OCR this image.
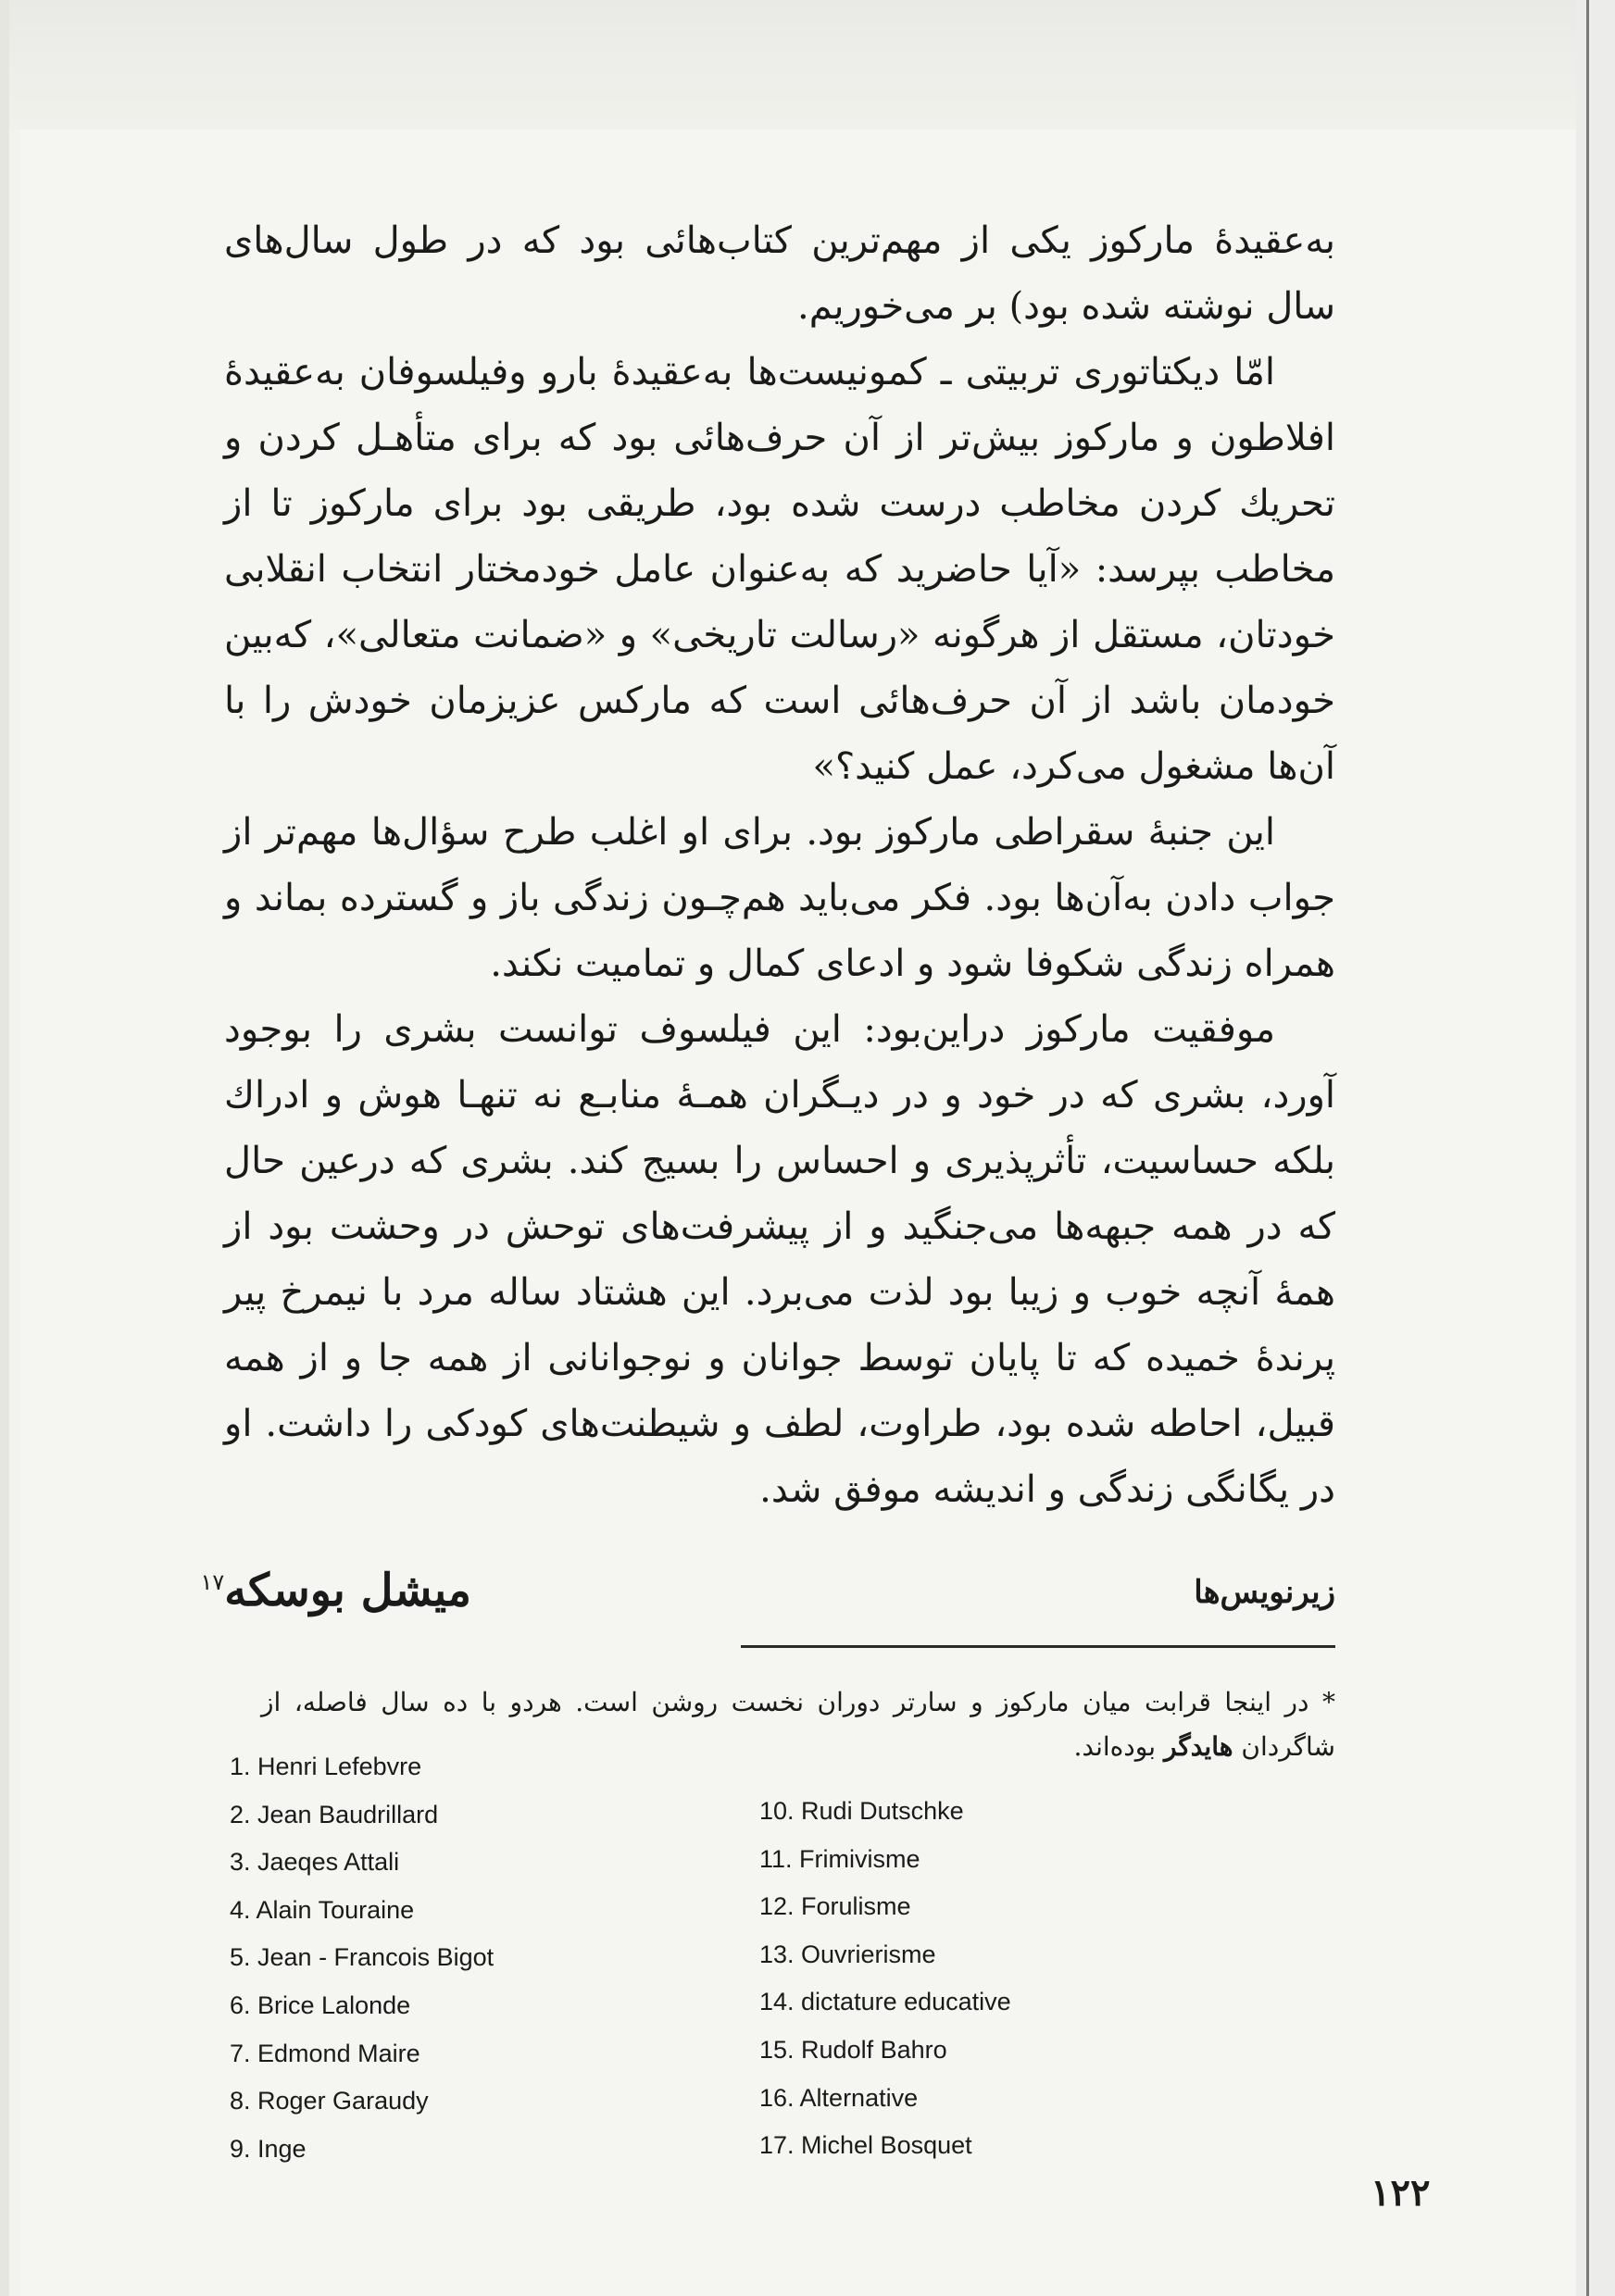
به‌عقیدهٔ مارکوز یکی از مهم‌ترین کتاب‌هائی بود که در طول سال‌های سال نوشته شده بود) بر می‌خوریم.

امّا دیکتاتوری تربیتی ـ کمونیست‌ها به‌عقیدهٔ بارو وفیلسوفان به‌عقیدهٔ افلاطون و مارکوز بیش‌تر از آن حرف‌هائی بود که برای متأهـل کردن و تحریك کردن مخاطب درست شده بود، طریقی بود برای مارکوز تا از مخاطب بپرسد: «آیا حاضرید که به‌عنوان عامل خودمختار انتخاب انقلابی خودتان، مستقل از هرگونه «رسالت تاریخی» و «ضمانت متعالی»، که‌بین خودمان باشد از آن حرف‌هائی است که مارکس عزیزمان خودش را با آن‌ها مشغول می‌کرد، عمل کنید؟»

این جنبهٔ سقراطی مارکوز بود. برای او اغلب طرح سؤال‌ها مهم‌تر از جواب دادن به‌آن‌ها بود. فکر می‌باید هم‌چـون زندگی باز و گسترده بماند و همراه زندگی شکوفا شود و ادعای کمال و تمامیت نکند.

موفقیت مارکوز دراین‌بود: این فیلسوف توانست بشری را بوجود آورد، بشری که در خود و در دیـگران همـهٔ منابـع نه تنهـا هوش و ادراك بلکه حساسیت، تأثرپذیری و احساس را بسیج کند. بشری که درعین حال که در همه جبهه‌ها می‌جنگید و از پیشرفت‌های توحش در وحشت بود از همهٔ آنچه خوب و زیبا بود لذت می‌برد. این هشتاد ساله مرد با نیمرخ پیر پرندهٔ خمیده که تا پایان توسط جوانان و نوجوانانی از همه جا و از همه قبیل، احاطه شده بود، طراوت، لطف و شیطنت‌های کودکی را داشت. او در یگانگی زندگی و اندیشه موفق شد.

میشل بوسکه$^{۱۷}$	زیرنویس‌ها

* در اینجا قرابت میان مارکوز و سارتر دوران نخست روشن است. هردو با ده سال فاصله، از شاگردان هایدگر بوده‌اند.

1. Henri Lefebvre
2. Jean Baudrillard
3. Jaeqes Attali
4. Alain Touraine
5. Jean - Francois Bigot
6. Brice Lalonde
7. Edmond Maire
8. Roger Garaudy
9. Inge
10. Rudi Dutschke
11. Frimivisme
12. Forulisme
13. Ouvrierisme
14. dictature educative
15. Rudolf Bahro
16. Alternative
17. Michel Bosquet
۱۲۲
